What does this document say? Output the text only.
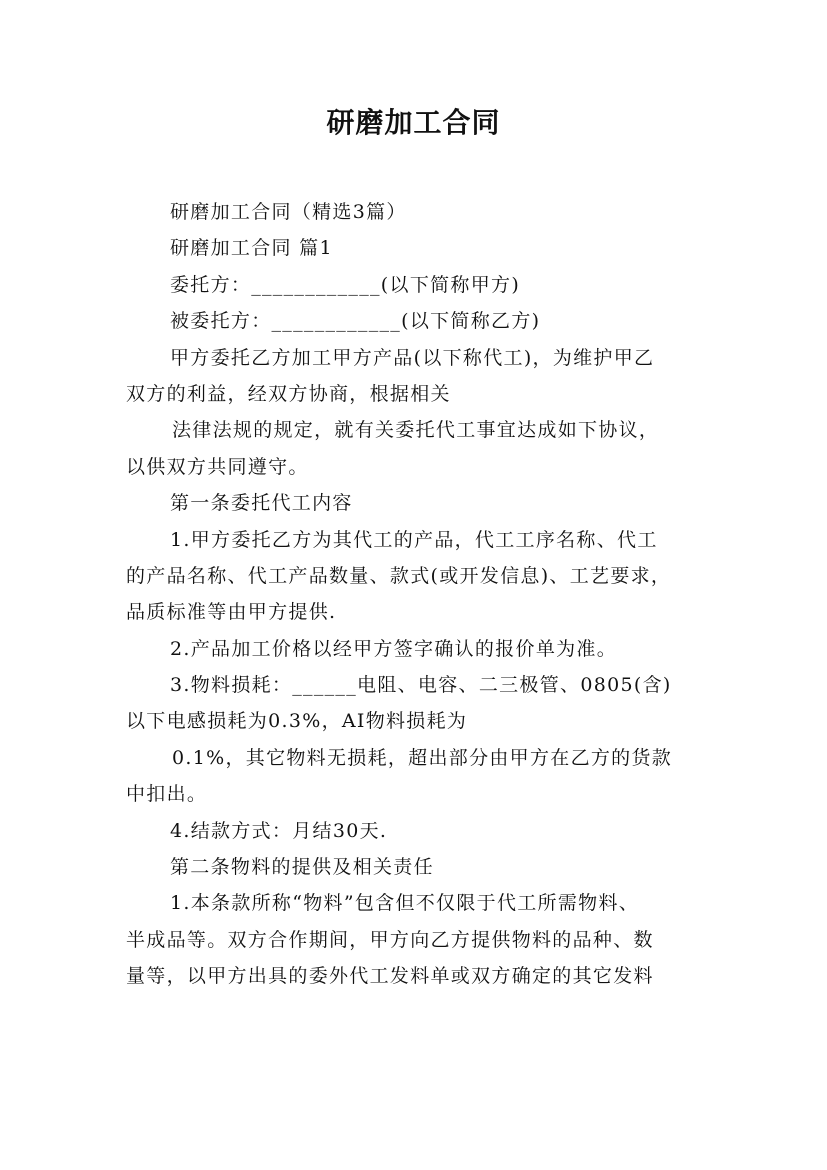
研磨加工合同
研磨加工合同（精选3篇）
研磨加工合同 篇1
委托方：____________(以下简称甲方)
被委托方：____________(以下简称乙方)
甲方委托乙方加工甲方产品(以下称代工)，为维护甲乙
双方的利益，经双方协商，根据相关
法律法规的规定，就有关委托代工事宜达成如下协议，
以供双方共同遵守。
第一条委托代工内容
1.甲方委托乙方为其代工的产品，代工工序名称、代工
的产品名称、代工产品数量、款式(或开发信息)、工艺要求，
品质标准等由甲方提供.
2.产品加工价格以经甲方签字确认的报价单为准。
3.物料损耗：______电阻、电容、二三极管、0805(含)
以下电感损耗为0.3%，AI物料损耗为
0.1%，其它物料无损耗，超出部分由甲方在乙方的货款
中扣出。
4.结款方式：月结30天.
第二条物料的提供及相关责任
1.本条款所称“物料”包含但不仅限于代工所需物料、
半成品等。双方合作期间，甲方向乙方提供物料的品种、数
量等，以甲方出具的委外代工发料单或双方确定的其它发料
